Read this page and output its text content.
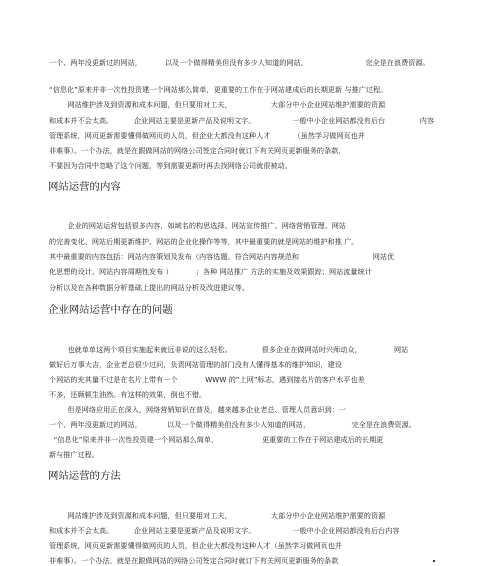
一个、两年没更新过的网站，          以及一个做得精美但没有多少人知道的网站，                         完全是在浪费资源。
“信息化”原来并非一次性投资建一个网站那么简单，更重要的工作在于网站建成后的长期更新 与推广过程。
网站维护涉及到资源和成本问题，但只要用对工夫，                 大部分中小企业网站维护需要的资源
和成本并不会太高。         企业网站主要是更新产品及说明文字。                一般中小企业网站都没有后台               内容
管理系统，网页更新需要懂得做网页的人员，但企业大都没有这种人才          （虽然学习做网页也并
非难事）。一个办法，就是在跟做网站的网络公司签定合同时就订下有关网页更新服务的条款，
不要因为合同中忽略了这个问题，等到需要更新时再去找网络公司就很被动。
网站运营的内容
企业的网站运营包括很多内容，如域名的构思选择、网站宣传推广、网络营销管理、网站
的完善变化、网站后期更新维护、网站的企业化操作等等，其中最重要的就是网站的维护和推 广。
其中最重要的内容包括：网站内容策划及发布（内容选题、符合网站内容规范和                                网站优
化思想的设计、网站内容周期性发布 ）          ；各种 网站推广 方法的实施及效果跟踪；网站流量统计
分析以及在各种数据分析基础上提出的网站分析及改进建议等。
企业网站运营中存在的问题
也就单单这两个项目实施起来就远非说的这么轻松。             很多企业在做网站时兴师动众，              网站
做好后万事大吉，企业老总很少过问，负责网站管理的部门没有人懂得基本的维护知识，建设
个网站的充其量不过是在名片上带有一个            WWW 的“上网”标志，遇到接名片的客户水平也差
不多，还顾顿生油然。有这样的效果，倒也不错。
但是网络应用正在深入，网络营销知识在普及，越来越多企业老总、管理人员意识到：一
一个、两年没更新过的网站，           以及一个做得精美但没有多少人知道的网站，                  完全是在浪费资源。
“信息化”原来并非一次性投资建一个网站那么简单，                   更重要的工作在于网站建成后的长期更
新与推广过程。
网站运营的方法
网站维护涉及到资源和成本问题，但只要用对工夫，                 大部分中小企业网站维护需要的资源
和成本并不会太高。         企业网站主要是更新产品及说明文字。                一般中小企业网站都没有后台内容
管理系统，网页更新需要懂得做网页的人员，但企业大都没有这种人才（虽然学习做网页也并
非难事）。一个办法，就是在跟做网站的网络公司签定合同时就订下有关网页更新服务的条款
